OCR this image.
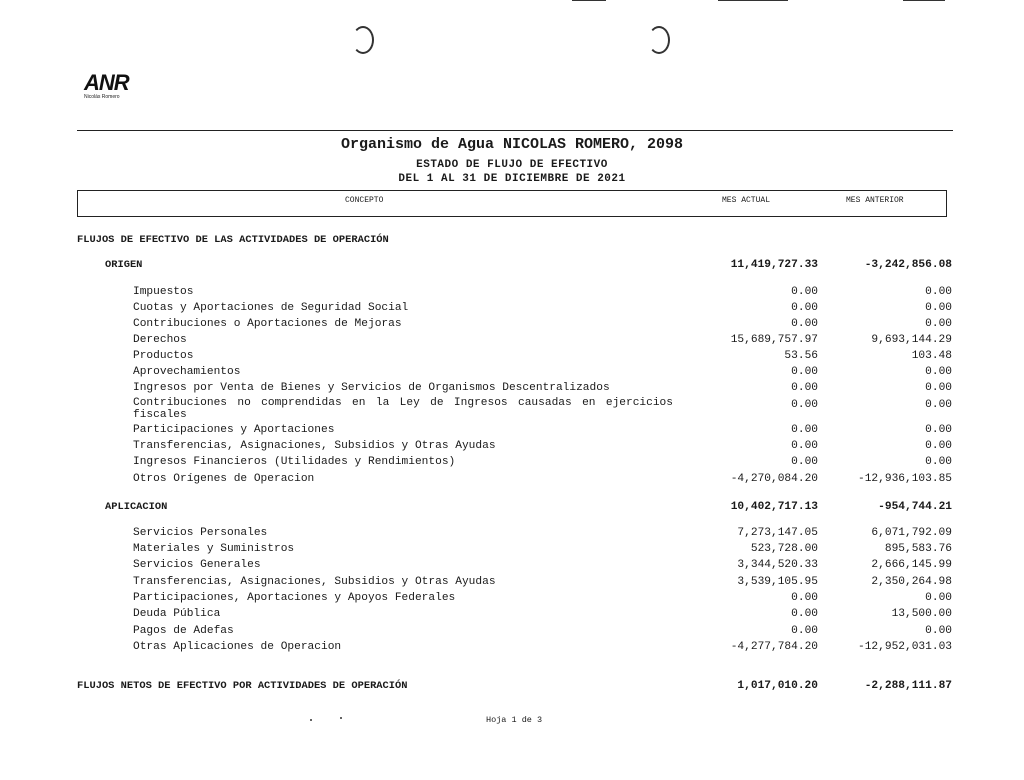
ANR
Nicolás Romero
Organismo de Agua NICOLAS ROMERO, 2098
ESTADO DE FLUJO DE EFECTIVO
DEL 1 AL 31 DE DICIEMBRE DE 2021
CONCEPTO	MES ACTUAL	MES ANTERIOR
FLUJOS DE EFECTIVO DE LAS ACTIVIDADES DE OPERACIÓN
ORIGEN	11,419,727.33	-3,242,856.08
Impuestos	0.00	0.00
Cuotas y Aportaciones de Seguridad Social	0.00	0.00
Contribuciones o Aportaciones de Mejoras	0.00	0.00
Derechos	15,689,757.97	9,693,144.29
Productos	53.56	103.48
Aprovechamientos	0.00	0.00
Ingresos por Venta de Bienes y Servicios de Organismos Descentralizados	0.00	0.00
Contribuciones no comprendidas en la Ley de Ingresos causadas en ejercicios fiscales
0.00	0.00
Participaciones y Aportaciones	0.00	0.00
Transferencias, Asignaciones, Subsidios y Otras Ayudas	0.00	0.00
Ingresos Financieros (Utilidades y Rendimientos)	0.00	0.00
Otros Orígenes de Operacion	-4,270,084.20	-12,936,103.85
APLICACION	10,402,717.13	-954,744.21
Servicios Personales	7,273,147.05	6,071,792.09
Materiales y Suministros	523,728.00	895,583.76
Servicios Generales	3,344,520.33	2,666,145.99
Transferencias, Asignaciones, Subsidios y Otras Ayudas	3,539,105.95	2,350,264.98
Participaciones, Aportaciones y Apoyos Federales	0.00	0.00
Deuda Pública	0.00	13,500.00
Pagos de Adefas	0.00	0.00
Otras Aplicaciones de Operacion	-4,277,784.20	-12,952,031.03
FLUJOS NETOS DE EFECTIVO POR ACTIVIDADES DE OPERACIÓN	1,017,010.20	-2,288,111.87
Hoja 1 de 3
